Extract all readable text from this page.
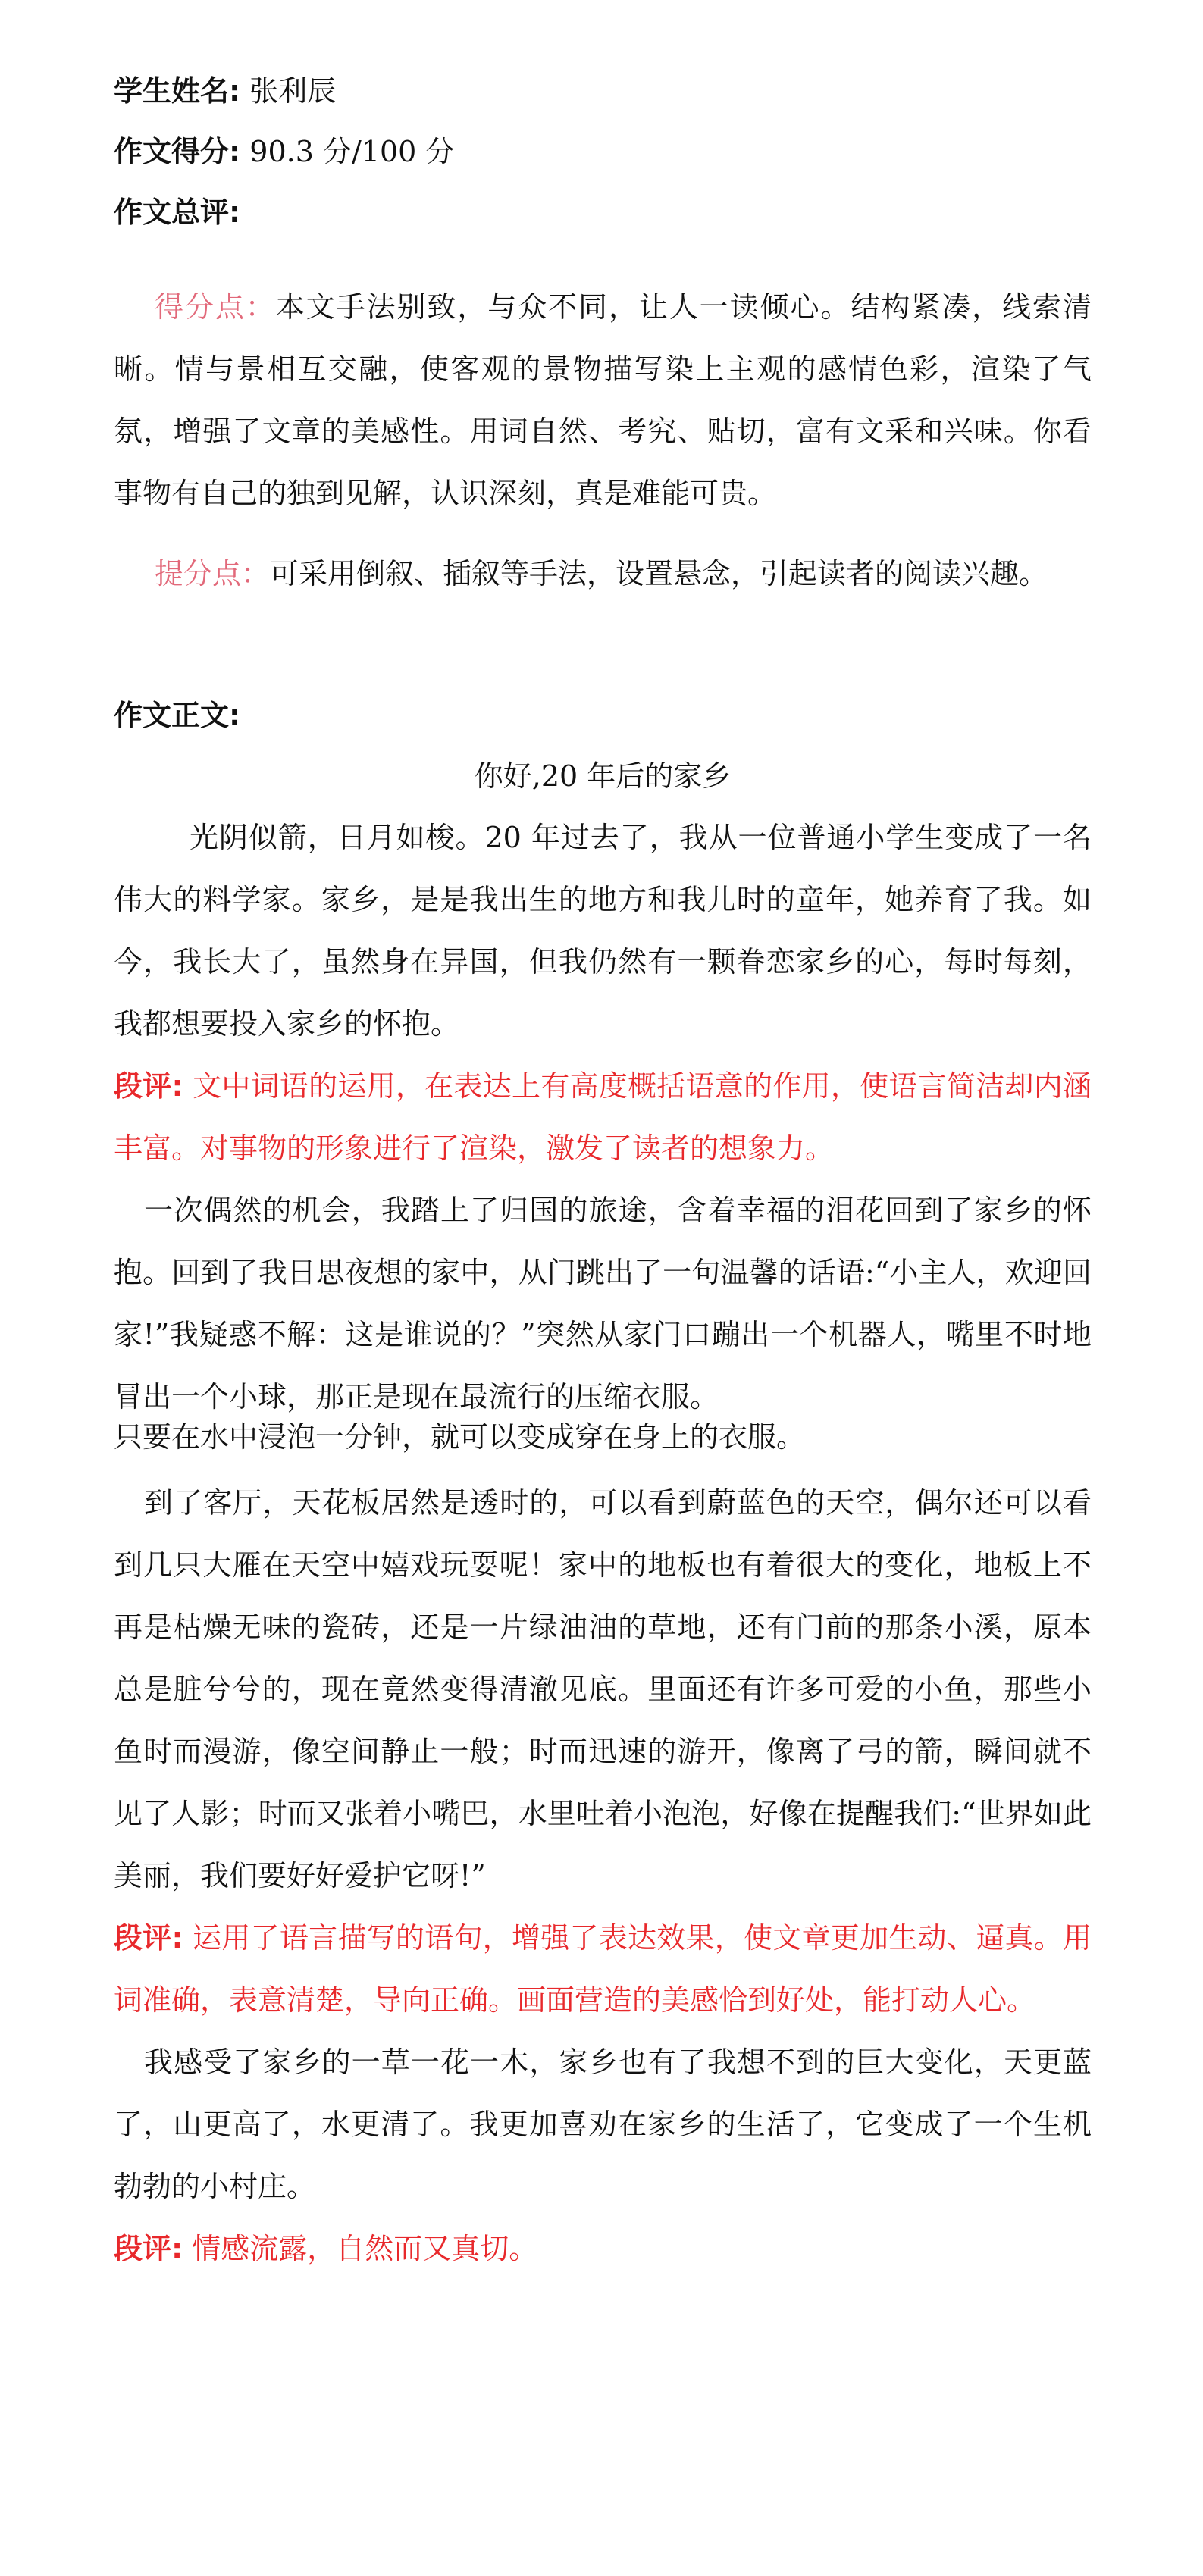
学生姓名: 张利辰
作文得分: 90.3 分/100 分
作文总评:

得分点：本文手法别致，与众不同，让人一读倾心。结构紧凑，线索清晰。情与景相互交融，使客观的景物描写染上主观的感情色彩，渲染了气氛，增强了文章的美感性。用词自然、考究、贴切，富有文采和兴味。你看事物有自己的独到见解，认识深刻，真是难能可贵。

提分点：可采用倒叙、插叙等手法，设置悬念，引起读者的阅读兴趣。

作文正文:

你好,20 年后的家乡

光阴似箭，日月如梭。20 年过去了，我从一位普通小学生变成了一名伟大的料学家。家乡，是是我出生的地方和我儿时的童年，她养育了我。如今，我长大了，虽然身在异国，但我仍然有一颗眷恋家乡的心，每时每刻，我都想要投入家乡的怀抱。

段评: 文中词语的运用，在表达上有高度概括语意的作用，使语言简洁却内涵丰富。对事物的形象进行了渲染，激发了读者的想象力。

一次偶然的机会，我踏上了归国的旅途，含着幸福的泪花回到了家乡的怀抱。回到了我日思夜想的家中，从门跳出了一句温馨的话语:“小主人，欢迎回家!”我疑惑不解：这是谁说的？”突然从家门口蹦出一个机器人，嘴里不时地冒出一个小球，那正是现在最流行的压缩衣服。

只要在水中浸泡一分钟，就可以变成穿在身上的衣服。

到了客厅，天花板居然是透时的，可以看到蔚蓝色的天空，偶尔还可以看到几只大雁在天空中嬉戏玩耍呢！家中的地板也有着很大的变化，地板上不再是枯燥无味的瓷砖，还是一片绿油油的草地，还有门前的那条小溪，原本总是脏兮兮的，现在竟然变得清澈见底。里面还有许多可爱的小鱼，那些小鱼时而漫游，像空间静止一般；时而迅速的游开，像离了弓的箭，瞬间就不见了人影；时而又张着小嘴巴，水里吐着小泡泡，好像在提醒我们:“世界如此美丽，我们要好好爱护它呀!”

段评: 运用了语言描写的语句，增强了表达效果，使文章更加生动、逼真。用词准确，表意清楚，导向正确。画面营造的美感恰到好处，能打动人心。

我感受了家乡的一草一花一木，家乡也有了我想不到的巨大变化，天更蓝了，山更高了，水更清了。我更加喜劝在家乡的生活了，它变成了一个生机勃勃的小村庄。

段评: 情感流露，自然而又真切。
